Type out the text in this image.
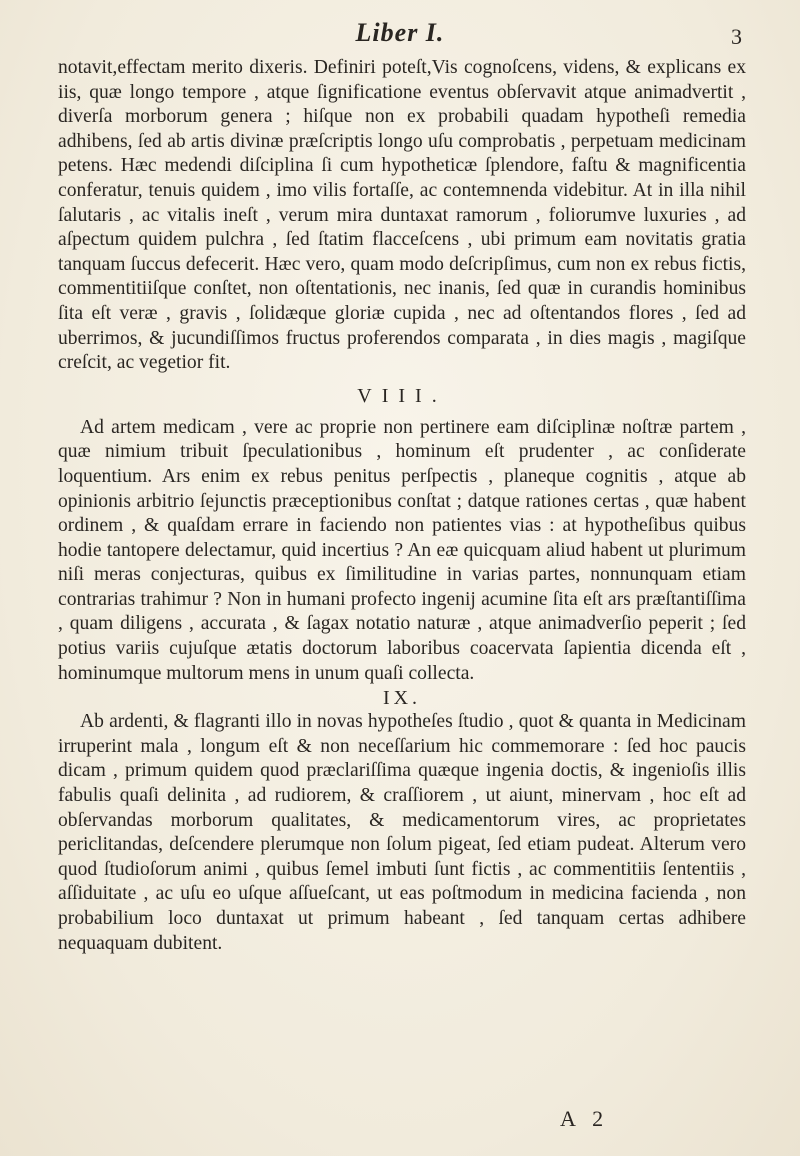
Liber I.	3

notavit,effectam merito dixeris. Definiri poteſt,Vis cognoſcens, videns, & explicans ex iis, quæ longo tempore , atque ſignificatione eventus obſervavit atque animadvertit , diverſa morborum genera ; hiſque non ex probabili quadam hypotheſi remedia adhibens, ſed ab artis divinæ præſcriptis longo uſu comprobatis , perpetuam medicinam petens. Hæc medendi diſciplina ſi cum hypotheticæ ſplendore, faſtu & magnificentia conferatur, tenuis quidem , imo vilis fortaſſe, ac contemnenda videbitur. At in illa nihil ſalutaris , ac vitalis ineſt , verum mira duntaxat ramorum , foliorumve luxuries , ad aſpectum quidem pulchra , ſed ſtatim flacceſcens , ubi primum eam novitatis gratia tanquam ſuccus defecerit. Hæc vero, quam modo deſcripſimus, cum non ex rebus fictis, commentitiiſque conſtet, non oſtentationis, nec inanis, ſed quæ in curandis hominibus ſita eſt veræ , gravis , ſolidæque gloriæ cupida , nec ad oſtentandos flores , ſed ad uberrimos, & jucundiſſimos fructus proferendos comparata , in dies magis , magiſque creſcit, ac vegetior fit.

VIII.

Ad artem medicam , vere ac proprie non pertinere eam diſciplinæ noſtræ partem , quæ nimium tribuit ſpeculationibus , hominum eſt prudenter , ac conſiderate loquentium. Ars enim ex rebus penitus perſpectis , planeque cognitis , atque ab opinionis arbitrio ſejunctis præceptionibus conſtat ; datque rationes certas , quæ habent ordinem , & quaſdam errare in faciendo non patientes vias : at hypotheſibus quibus hodie tantopere delectamur, quid incertius ? An eæ quicquam aliud habent ut plurimum niſi meras conjecturas, quibus ex ſimilitudine in varias partes, nonnunquam etiam contrarias trahimur ? Non in humani profecto ingenij acumine ſita eſt ars præſtantiſſima , quam diligens , accurata , & ſagax notatio naturæ , atque animadverſio peperit ; ſed potius variis cujuſque ætatis doctorum laboribus coacervata ſapientia dicenda eſt , hominumque multorum mens in unum quaſi collecta.

IX.

Ab ardenti, & flagranti illo in novas hypotheſes ſtudio , quot & quanta in Medicinam irruperint mala , longum eſt & non neceſſarium hic commemorare : ſed hoc paucis dicam , primum quidem quod præclariſſima quæque ingenia doctis, & ingenioſis illis fabulis quaſi delinita , ad rudiorem, & craſſiorem , ut aiunt, minervam , hoc eſt ad obſervandas morborum qualitates, & medicamentorum vires, ac proprietates periclitandas, deſcendere plerumque non ſolum pigeat, ſed etiam pudeat. Alterum vero quod ſtudioſorum animi , quibus ſemel imbuti ſunt fictis , ac commentitiis ſententiis , aſſiduitate , ac uſu eo uſque aſſueſcant, ut eas poſtmodum in medicina facienda , non probabilium loco duntaxat ut primum habeant , ſed tanquam certas adhibere nequaquam dubitent.

A 2
